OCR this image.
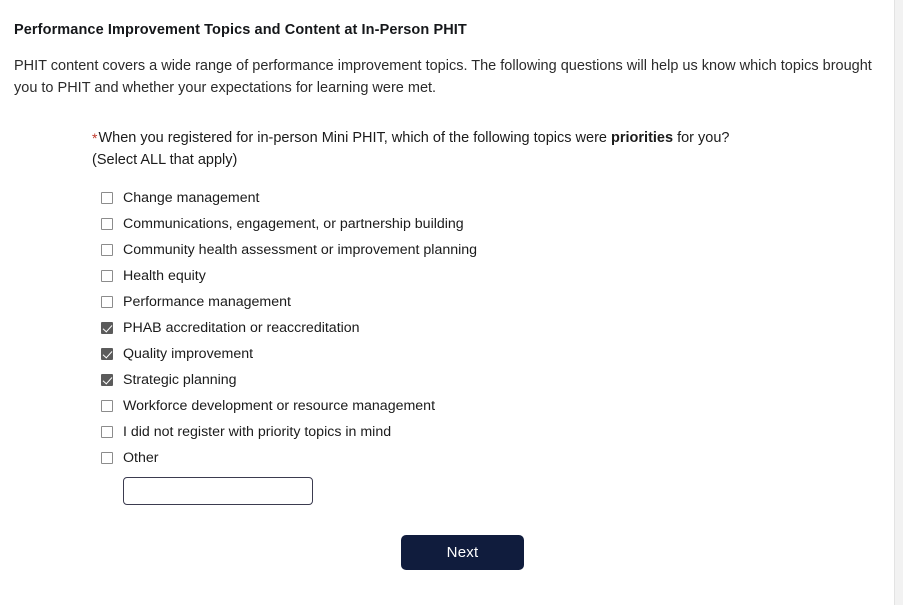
Performance Improvement Topics and Content at In-Person PHIT
PHIT content covers a wide range of performance improvement topics. The following questions will help us know which topics brought you to PHIT and whether your expectations for learning were met.
*When you registered for in-person Mini PHIT, which of the following topics were priorities for you?
(Select ALL that apply)
Change management
Communications, engagement, or partnership building
Community health assessment or improvement planning
Health equity
Performance management
PHAB accreditation or reaccreditation
Quality improvement
Strategic planning
Workforce development or resource management
I did not register with priority topics in mind
Other
Next
